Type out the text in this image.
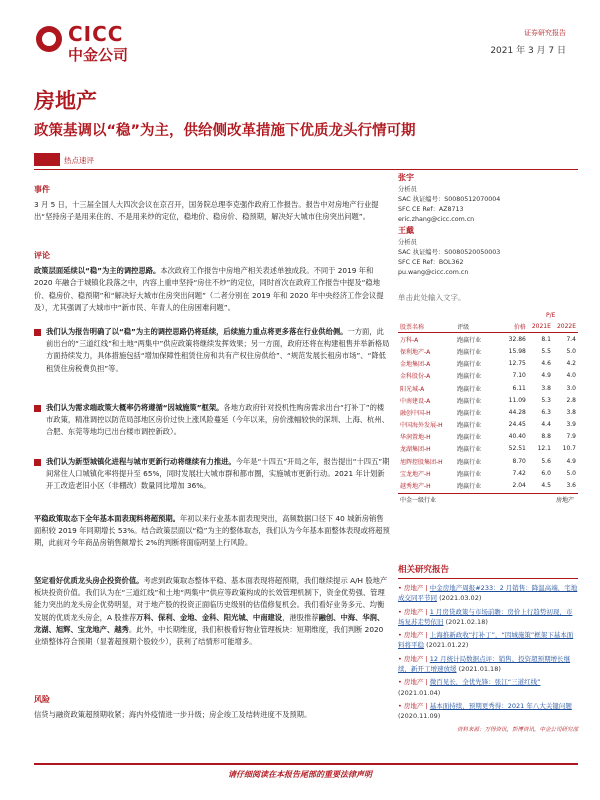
CICC
中金公司
证券研究报告
2021 年 3 月 7 日
房地产
政策基调以“稳”为主，供给侧改革措施下优质龙头行情可期
热点速评
事件

3 月 5 日，十三届全国人大四次会议在京召开，国务院总理李克强作政府工作报告。报告中对房地产行业提出“坚持房子是用来住的、不是用来炒的定位，稳地价、稳房价、稳预期，解决好大城市住房突出问题”。

评论

政策层面延续以“稳”为主的调控思路。本次政府工作报告中房地产相关表述单独成段。不同于 2019 年和 2020 年融合于城镇化段落之中，内容上重申坚持“房住不炒”的定位，同时首次在政府工作报告中提及“稳地价、稳房价、稳预期”和“解决好大城市住房突出问题”（二者分别在 2019 年和 2020 年中央经济工作会议提及），尤其强调了大城市中“新市民、年青人的住房困难问题”。

我们认为报告明确了以“稳”为主的调控思路仍将延续，后续施力重点将更多落在行业供给侧。一方面，此前出台的“三道红线”和土地“两集中”供应政策将继续发挥效果；另一方面，政府还将在构建租售并举新格局方面持续发力，具体措施包括“增加保障性租赁住房和共有产权住房供给”、“规范发展长租房市场”、“降低租赁住房税费负担”等。
我们认为需求端政策大概率仍将遵循“因城施策”框架。各地方政府针对投机性购房需求出台“打补丁”的楼市政策，精准调控以防范局部地区房价过快上涨风险蔓延（今年以来，房价涨幅较快的深圳、上海、杭州、合肥、东莞等地均已出台楼市调控新政）。
我们认为新型城镇化进程与城市更新行动将继续有力推进。今年是“十四五”开局之年，报告提出“十四五”期间常住人口城镇化率将提升至 65%，同时发展壮大城市群和都市圈，实施城市更新行动。2021 年计划新开工改造老旧小区（非棚改）数量同比增加 36%。

平稳政策取态下全年基本面表现料将超预期。年初以来行业基本面表现突出，高频数据口径下 40 城新房销售面积较 2019 年同期增长 53%。结合政策层面以“稳”为主的整体取态，我们认为今年基本面整体表现或将超预期，此前对今年商品房销售额增长 2%的判断将面临明显上行风险。

坚定看好优质龙头房企投资价值。考虑到政策取态整体平稳、基本面表现将超预期，我们继续提示 A/H 股地产板块投资价值。我们认为在“三道红线”和土地“两集中”供应等政策构成的长效管理机制下，资金优势强、管理能力突出的龙头房企优势明显，对于地产股的投资正面临历史级别的估值修复机会。我们看好业务多元、均衡发展的优质龙头房企，A 股推荐万科、保利、金地、金科、阳光城、中南建设，港股推荐融创、中海、华润、龙湖、旭辉、宝龙地产、越秀。此外，中长期维度，我们积极看好物业管理板块：短期维度，我们判断 2020 业绩整体符合预期（显著超预期个股较少），获利了结情形可能增多。

风险

信贷与融资政策超预期收紧；海内外疫情进一步升级；房企竣工及结转进度不及预期。

张宇
分析员
SAC 执证编号：S0080512070004
SFC CE Ref：AZ8713
eric.zhang@cicc.com.cn
王戴
分析员
SAC 执证编号：S0080520050003
SFC CE Ref：BOL362
pu.wang@cicc.com.cn
单击此处输入文字。
P/E
股票名称	评级	价格	2021E	2022E
万科-A	跑赢行业	32.86	8.1	7.4
保利地产-A	跑赢行业	15.98	5.5	5.0
金地集团-A	跑赢行业	12.75	4.6	4.2
金科股份-A	跑赢行业	7.10	4.9	4.0
阳光城-A	跑赢行业	6.11	3.8	3.0
中南建设-A	跑赢行业	11.09	5.3	2.8
融创中国-H	跑赢行业	44.28	6.3	3.8
中国海外发展-H	跑赢行业	24.45	4.4	3.9
华润置地-H	跑赢行业	40.40	8.8	7.9
龙湖集团-H	跑赢行业	52.51	12.1	10.7
旭辉控股集团-H	跑赢行业	8.70	5.6	4.9
宝龙地产-H	跑赢行业	7.42	6.0	5.0
越秀地产-H	跑赢行业	2.04	4.5	3.6
中金一级行业	房地产
相关研究报告
• 房地产 | 中金房地产周报#233：2 月销售：降温高端，宅地成交同平节同 (2021.03.02)
• 房地产 | 1 月房贷政策与市场前瞻：房价上行趋势初现，市场复苏走势依旧 (2021.02.18)
• 房地产 | 上海推新政收“打补丁”，“因城施策”框架下基本面料将平稳 (2021.01.22)
• 房地产 | 12 月统计局数据点评：销售、投资超预期增长继续，新开工增速放缓 (2021.01.18)
• 房地产 | 微百见长，全优先锋：张江“三道红线” (2021.01.04)
• 房地产 | 基本面持续，预期更秀得：2021 年八大关键问题 (2020.11.09)
资料来源：万得资讯，彭博资讯，中金公司研究部
请仔细阅读在本报告尾部的重要法律声明
